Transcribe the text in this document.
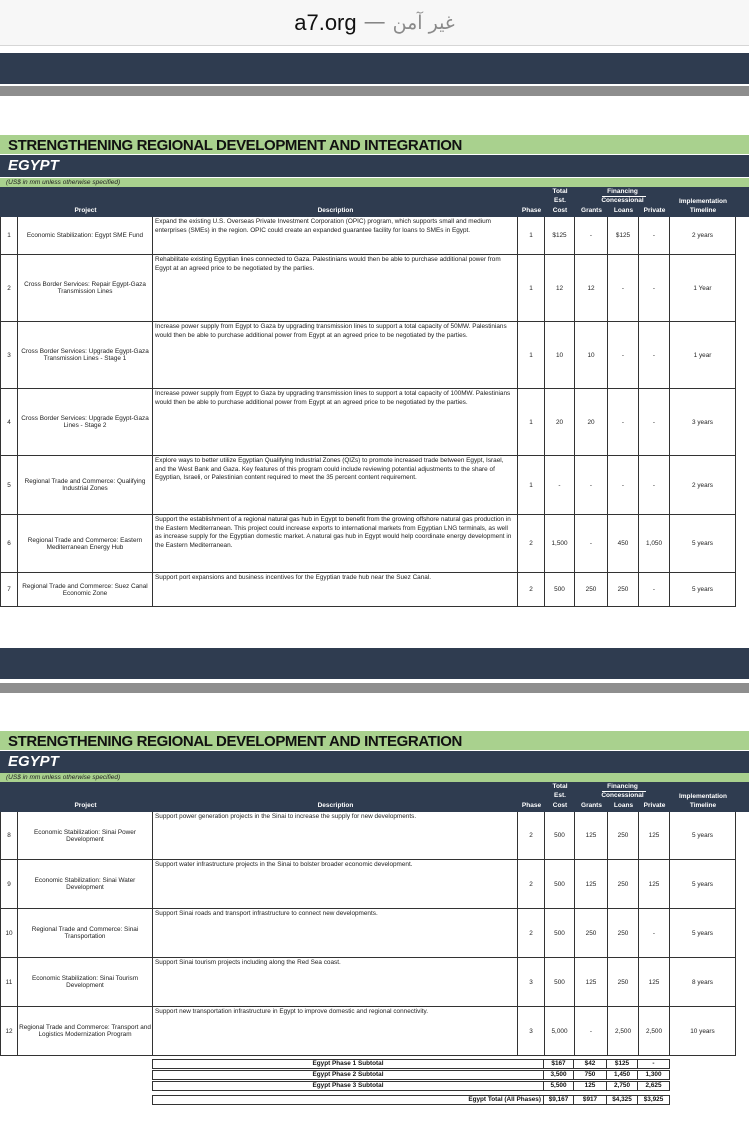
a7.org — غير آمن
STRENGTHENING REGIONAL DEVELOPMENT AND INTEGRATION
EGYPT
(US$ in mm unless otherwise specified)
Project	Description	Phase
Total
Est.
Cost
Financing
Concessional
Grants	Loans	Private
Implementation
Timeline
1	Economic Stabilization: Egypt SME Fund
Expand the existing U.S. Overseas Private Investment Corporation (OPIC) program, which supports small and medium enterprises (SMEs) in the region. OPIC could create an expanded guarantee facility for loans to SMEs in Egypt.
1	$125	-	$125	-	2 years
2	Cross Border Services: Repair Egypt-Gaza Transmission Lines
Rehabilitate existing Egyptian lines connected to Gaza. Palestinians would then be able to purchase additional power from Egypt at an agreed price to be negotiated by the parties.
1	12	12	-	-	1 Year
3	Cross Border Services: Upgrade Egypt-Gaza Transmission Lines - Stage 1
Increase power supply from Egypt to Gaza by upgrading transmission lines to support a total capacity of 50MW. Palestinians would then be able to purchase additional power from Egypt at an agreed price to be negotiated by the parties.
1	10	10	-	-	1 year
4	Cross Border Services: Upgrade Egypt-Gaza Lines - Stage 2
Increase power supply from Egypt to Gaza by upgrading transmission lines to support a total capacity of 100MW. Palestinians would then be able to purchase additional power from Egypt at an agreed price to be negotiated by the parties.
1	20	20	-	-	3 years
5	Regional Trade and Commerce: Qualifying Industrial Zones
Explore ways to better utilize Egyptian Qualifying Industrial Zones (QIZs) to promote increased trade between Egypt, Israel, and the West Bank and Gaza. Key features of this program could include reviewing potential adjustments to the share of Egyptian, Israeli, or Palestinian content required to meet the 35 percent content requirement.
1	-	-	-	-	2 years
6	Regional Trade and Commerce: Eastern Mediterranean Energy Hub
Support the establishment of a regional natural gas hub in Egypt to benefit from the growing offshore natural gas production in the Eastern Mediterranean. This project could increase exports to international markets from Egyptian LNG terminals, as well as increase supply for the Egyptian domestic market. A natural gas hub in Egypt would help coordinate energy development in the Eastern Mediterranean.	2	1,500	-	450	1,050	5 years
7	Regional Trade and Commerce: Suez Canal Economic Zone
Support port expansions and business incentives for the Egyptian trade hub near the Suez Canal.
2	500	250	250	-	5 years
STRENGTHENING REGIONAL DEVELOPMENT AND INTEGRATION
EGYPT
(US$ in mm unless otherwise specified)
Project	Description	Phase
Total
Est.
Cost
Financing
Concessional
Grants	Loans	Private
Implementation
Timeline
8	Economic Stabilization: Sinai Power Development
Support power generation projects in the Sinai to increase the supply for new developments.
2	500	125	250	125	5 years
9	Economic Stabilization: Sinai Water Development
Support water infrastructure projects in the Sinai to bolster broader economic development.
2	500	125	250	125	5 years
10	Regional Trade and Commerce: Sinai Transportation
Support Sinai roads and transport infrastructure to connect new developments.
2	500	250	250	-	5 years
11	Economic Stabilization: Sinai Tourism Development
Support Sinai tourism projects including along the Red Sea coast.
3	500	125	250	125	8 years
12	Regional Trade and Commerce: Transport and Logistics Modernization Program
Support new transportation infrastructure in Egypt to improve domestic and regional connectivity.
3	5,000	-	2,500	2,500	10 years
Egypt Phase 1 Subtotal	$167	$42	$125	-
Egypt Phase 2 Subtotal	3,500	750	1,450	1,300
Egypt Phase 3 Subtotal	5,500	125	2,750	2,625
Egypt Total (All Phases)	$9,167	$917	$4,325	$3,925
